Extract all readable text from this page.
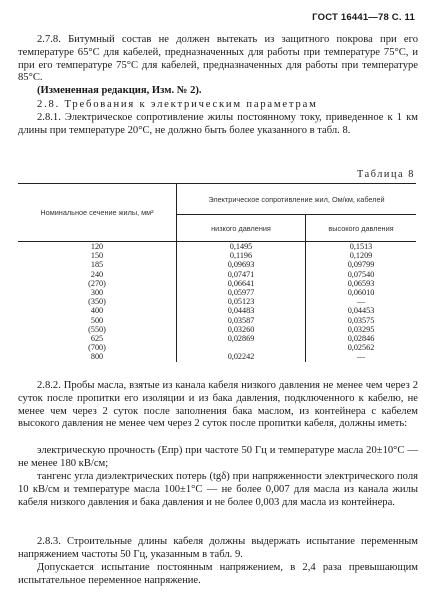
ГОСТ 16441—78 С. 11

2.7.8. Битумный состав не должен вытекать из защитного покрова при его температуре 65°С для кабелей, предназначенных для работы при температуре 75°С, и при его температуре 75°С для кабелей, предназначенных для работы при температуре 85°С.

(Измененная редакция, Изм. № 2).

2.8. Требования к электрическим параметрам

2.8.1. Электрическое сопротивление жилы постоянному току, приведенное к 1 км длины при температуре 20°С, не должно быть более указанного в табл. 8.

Таблица 8
Номинальное сечение жилы, мм²	Электрическое сопротивление жил, Ом/км, кабелей	
	низкого давления	высокого давления
120	0,1495	0,1513
150	0,1196	0,1209
185	0,09693	0,09799
240	0,07471	0,07540
(270)	0,06641	0,06593
300	0,05977	0,06010
(350)	0,05123	—
400	0,04483	0,04453
500	0,03587	0,03575
(550)	0,03260	0,03295
625	0,02869	0,02846
(700)		0,02562
800	0,02242	—

2.8.2. Пробы масла, взятые из канала кабеля низкого давления не менее чем через 2 суток после пропитки его изоляции и из бака давления, подключенного к кабелю, не менее чем через 2 суток после заполнения бака маслом, из контейнера с кабелем высокого давления не менее чем через 2 суток после пропитки кабеля, должны иметь:

электрическую прочность (Епр) при частоте 50 Гц и температуре масла 20±10°С — не менее 180 кВ/см;

тангенс угла диэлектрических потерь (tgδ) при напряженности электрического поля 10 кВ/см и температуре масла 100±1°С — не более 0,007 для масла из канала жилы кабеля низкого давления и бака давления и не более 0,003 для масла из контейнера.

2.8.3. Строительные длины кабеля должны выдержать испытание переменным напряжением частоты 50 Гц, указанным в табл. 9.

Допускается испытание постоянным напряжением, в 2,4 раза превышающим испытательное переменное напряжение.
